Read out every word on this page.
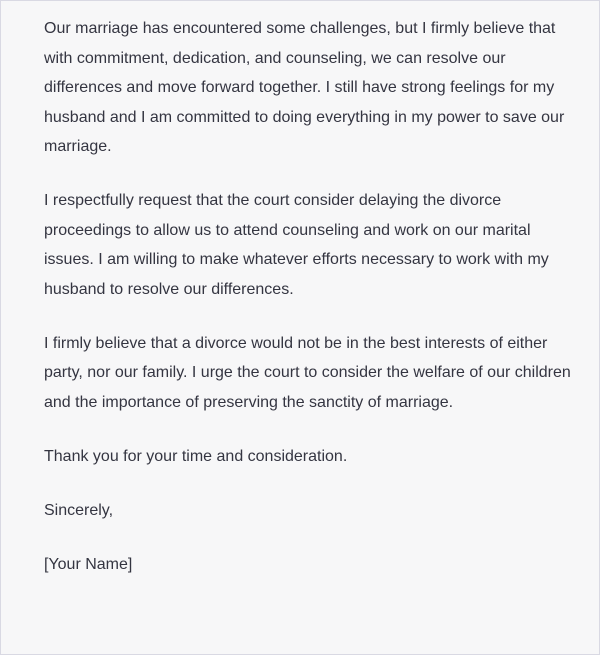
Our marriage has encountered some challenges, but I firmly believe that with commitment, dedication, and counseling, we can resolve our differences and move forward together. I still have strong feelings for my husband and I am committed to doing everything in my power to save our marriage.

I respectfully request that the court consider delaying the divorce proceedings to allow us to attend counseling and work on our marital issues. I am willing to make whatever efforts necessary to work with my husband to resolve our differences.

I firmly believe that a divorce would not be in the best interests of either party, nor our family. I urge the court to consider the welfare of our children and the importance of preserving the sanctity of marriage.

Thank you for your time and consideration.

Sincerely,

[Your Name]
